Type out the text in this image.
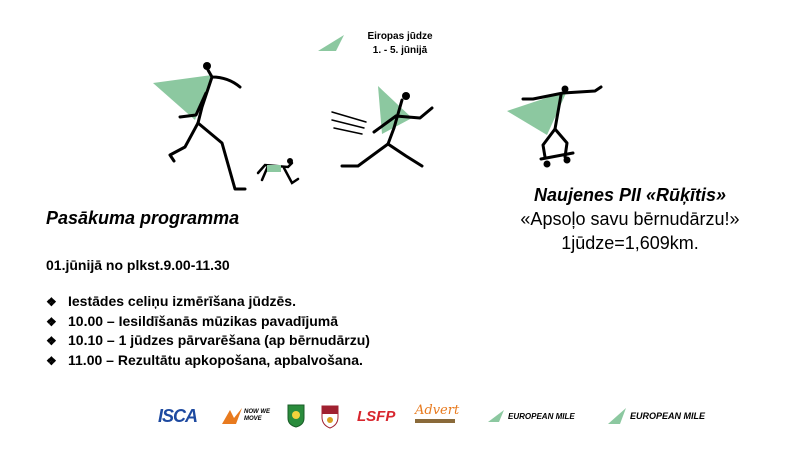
Eiropas jūdze
1. - 5. jūnijā
Pasākuma programma
01.jūnijā no plkst.9.00-11.30
❖ Iestādes celiņu izmērīšana jūdzēs.
❖ 10.00 – Iesildīšanās mūzikas pavadījumā
❖ 10.10 – 1 jūdzes pārvarēšana (ap bērnudārzu)
❖ 11.00 – Rezultātu apkopošana, apbalvošana.
Naujenes PII «Rūķītis»
«Apsoļo savu bērnudārzu!»
1jūdze=1,609km.
ISCA	NOW WE MOVE	LSFP Advert	EUROPEAN MILE	EUROPEAN MILE
